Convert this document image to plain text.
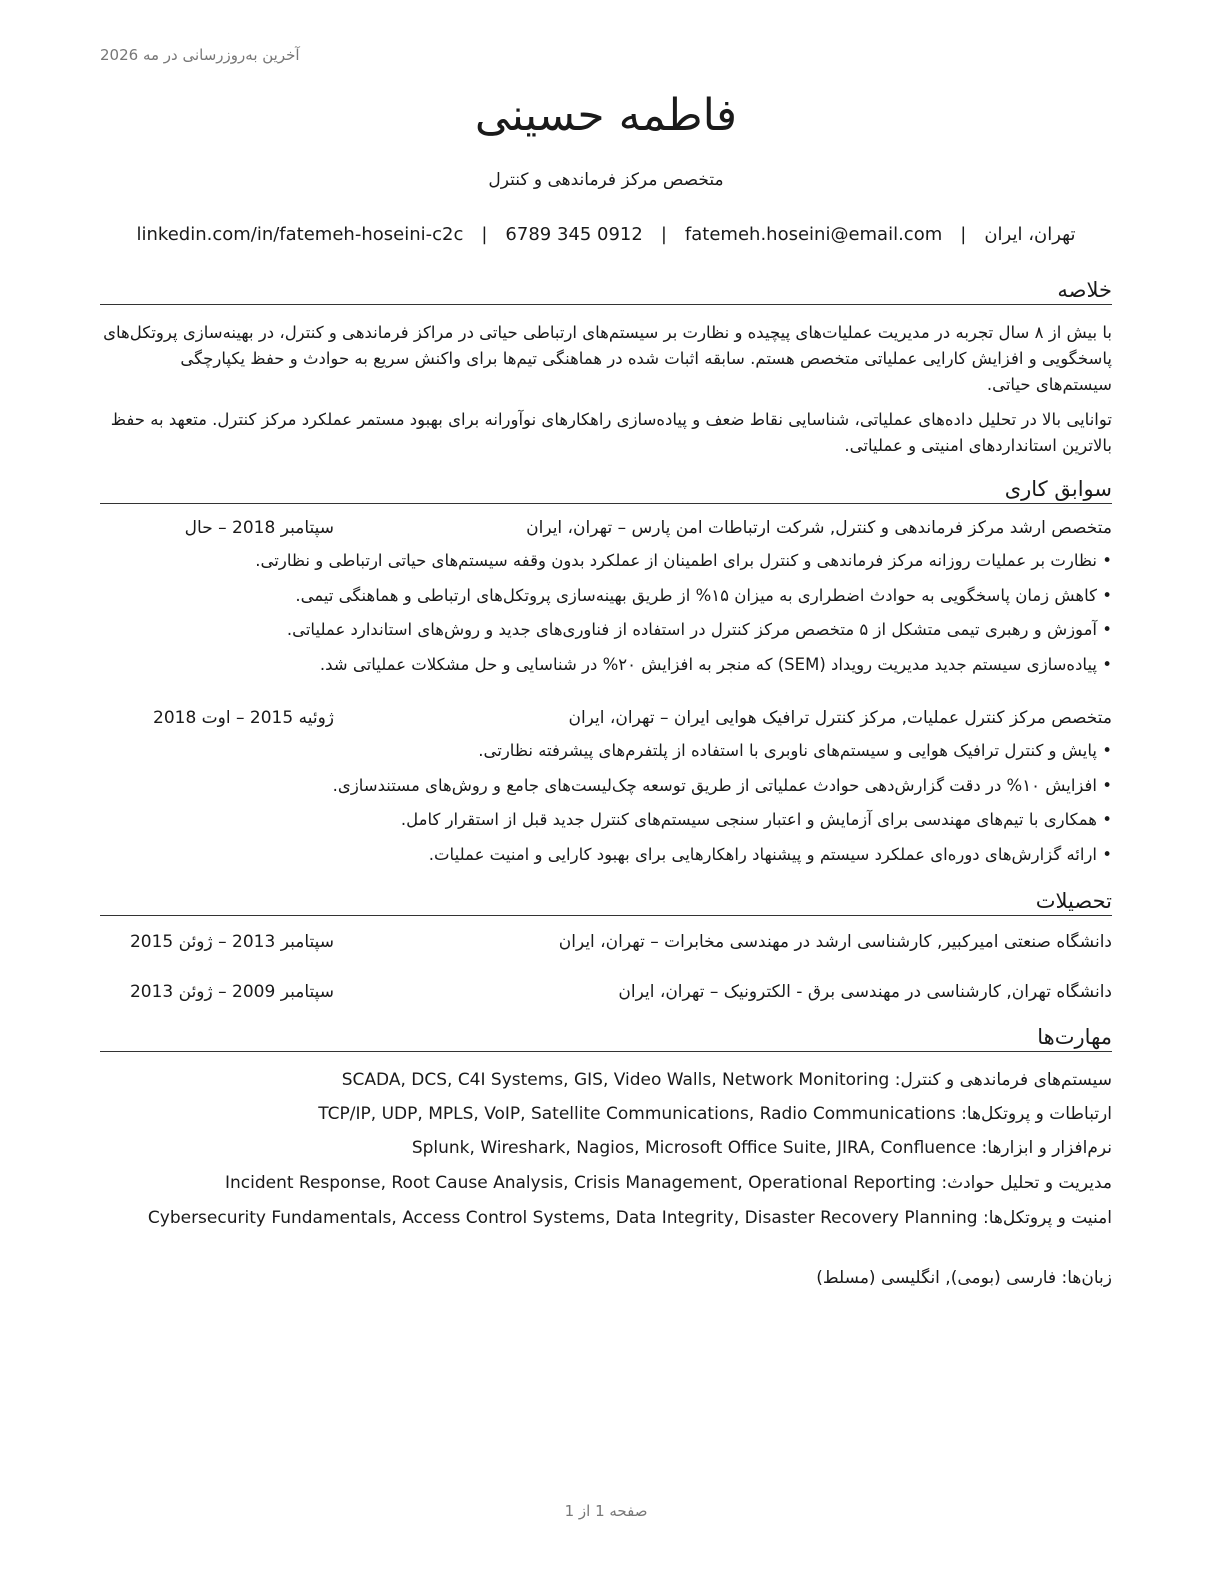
آخرین به‌روزرسانی در مه 2026
فاطمه حسینی
متخصص مرکز فرماندهی و کنترل
تهران، ایران
|
fatemeh.hoseini@email.com
|
6789 345 0912
|
linkedin.com/in/fatemeh-hoseini-c2c
خلاصه
با بیش از ۸ سال تجربه در مدیریت عملیات‌های پیچیده و نظارت بر سیستم‌های ارتباطی حیاتی در مراکز فرماندهی و کنترل، در بهینه‌سازی پروتکل‌های پاسخگویی و افزایش کارایی عملیاتی متخصص هستم. سابقه اثبات شده در هماهنگی تیم‌ها برای واکنش سریع به حوادث و حفظ یکپارچگی سیستم‌های حیاتی.
توانایی بالا در تحلیل داده‌های عملیاتی، شناسایی نقاط ضعف و پیاده‌سازی راهکارهای نوآورانه برای بهبود مستمر عملکرد مرکز کنترل. متعهد به حفظ بالاترین استانداردهای امنیتی و عملیاتی.
سوابق کاری
متخصص ارشد مرکز فرماندهی و کنترل, شرکت ارتباطات امن پارس – تهران، ایران
سپتامبر 2018 – حال
• نظارت بر عملیات روزانه مرکز فرماندهی و کنترل برای اطمینان از عملکرد بدون وقفه سیستم‌های حیاتی ارتباطی و نظارتی.
• کاهش زمان پاسخگویی به حوادث اضطراری به میزان ۱۵% از طریق بهینه‌سازی پروتکل‌های ارتباطی و هماهنگی تیمی.
• آموزش و رهبری تیمی متشکل از ۵ متخصص مرکز کنترل در استفاده از فناوری‌های جدید و روش‌های استاندارد عملیاتی.
• پیاده‌سازی سیستم جدید مدیریت رویداد (SEM) که منجر به افزایش ۲۰% در شناسایی و حل مشکلات عملیاتی شد.
متخصص مرکز کنترل عملیات, مرکز کنترل ترافیک هوایی ایران – تهران، ایران
ژوئیه 2015 – اوت 2018
• پایش و کنترل ترافیک هوایی و سیستم‌های ناوبری با استفاده از پلتفرم‌های پیشرفته نظارتی.
• افزایش ۱۰% در دقت گزارش‌دهی حوادث عملیاتی از طریق توسعه چک‌لیست‌های جامع و روش‌های مستندسازی.
• همکاری با تیم‌های مهندسی برای آزمایش و اعتبار سنجی سیستم‌های کنترل جدید قبل از استقرار کامل.
• ارائه گزارش‌های دوره‌ای عملکرد سیستم و پیشنهاد راهکارهایی برای بهبود کارایی و امنیت عملیات.
تحصیلات
دانشگاه صنعتی امیرکبیر, کارشناسی ارشد در مهندسی مخابرات – تهران، ایران
سپتامبر 2013 – ژوئن 2015
دانشگاه تهران, کارشناسی در مهندسی برق - الکترونیک – تهران، ایران
سپتامبر 2009 – ژوئن 2013
مهارت‌ها
سیستم‌های فرماندهی و کنترل: SCADA, DCS, C4I Systems, GIS, Video Walls, Network Monitoring
ارتباطات و پروتکل‌ها: TCP/IP, UDP, MPLS, VoIP, Satellite Communications, Radio Communications
نرم‌افزار و ابزارها: Splunk, Wireshark, Nagios, Microsoft Office Suite, JIRA, Confluence
مدیریت و تحلیل حوادث: Incident Response, Root Cause Analysis, Crisis Management, Operational Reporting
امنیت و پروتکل‌ها: Cybersecurity Fundamentals, Access Control Systems, Data Integrity, Disaster Recovery Planning
زبان‌ها: فارسی (بومی), انگلیسی (مسلط)
صفحه 1 از 1
